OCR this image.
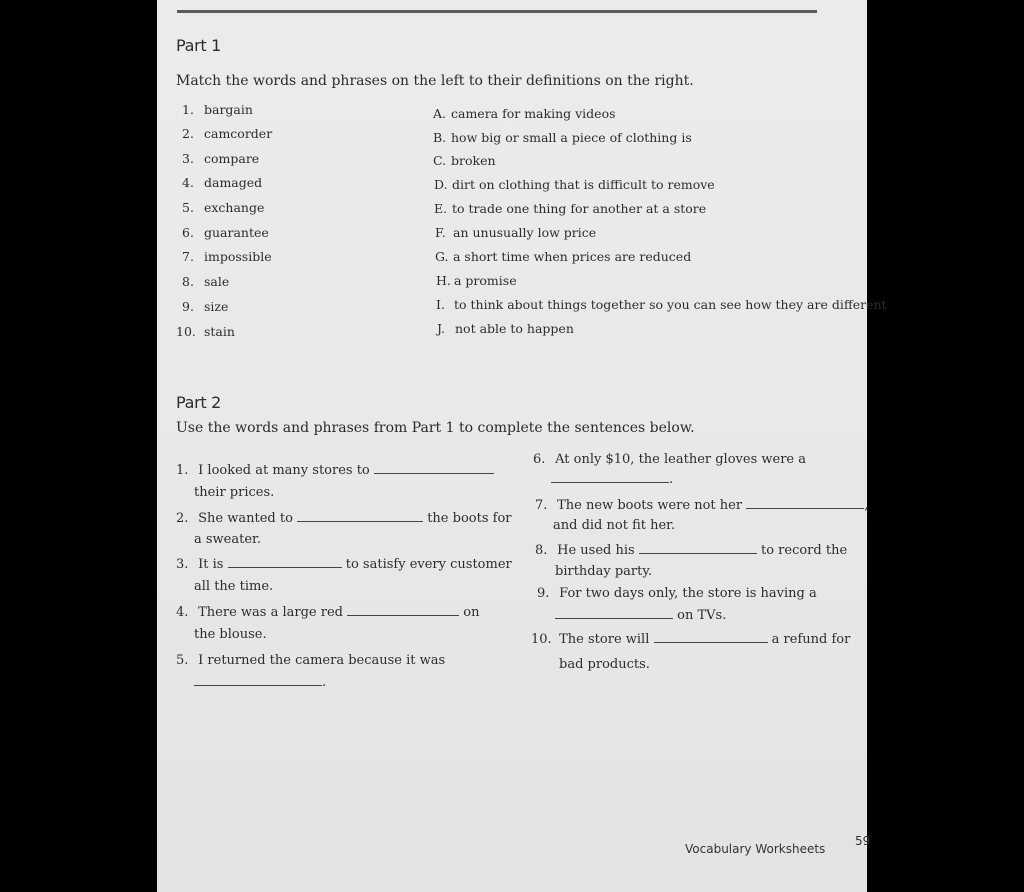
Part 1
Match the words and phrases on the left to their definitions on the right.
1. bargain
2. camcorder
3. compare
4. damaged
5. exchange
6. guarantee
7. impossible
8. sale
9. size
10. stain
A. camera for making videos
B. how big or small a piece of clothing is
C. broken
D. dirt on clothing that is difficult to remove
E. to trade one thing for another at a store
F. an unusually low price
G. a short time when prices are reduced
H. a promise
I. to think about things together so you can see how they are different
J. not able to happen
Part 2
Use the words and phrases from Part 1 to complete the sentences below.
1. I looked at many stores to
their prices.
2. She wanted to	the boots for
a sweater.
3. It is	to satisfy every customer
all the time.
4. There was a large red	on
the blouse.
5. I returned the camera because it was
.
6. At only $10, the leather gloves were a
.
7. The new boots were not her	,
and did not fit her.
8. He used his	to record the
birthday party.
9. For two days only, the store is having a
on TVs.
10. The store will	a refund for
bad products.
Vocabulary Worksheets
59
